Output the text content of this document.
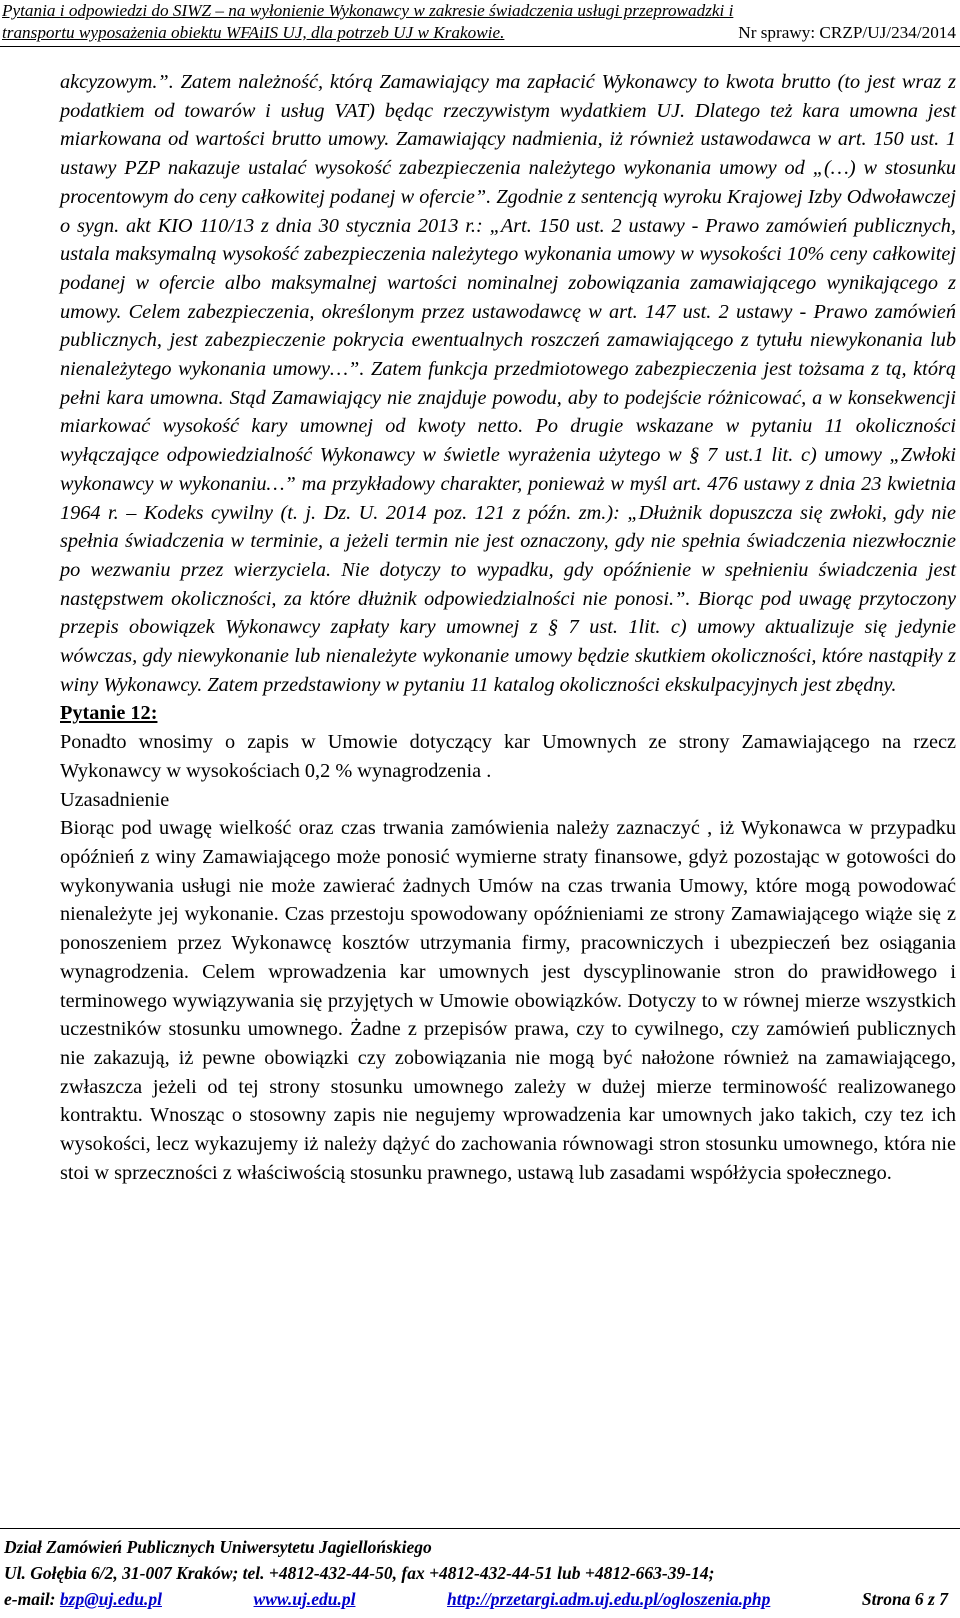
Pytania i odpowiedzi do SIWZ – na wyłonienie Wykonawcy w zakresie świadczenia usługi przeprowadzki i
transportu wyposażenia obiektu WFAiIS UJ, dla potrzeb UJ w Krakowie.	Nr sprawy: CRZP/UJ/234/2014

akcyzowym.”. Zatem należność, którą Zamawiający ma zapłacić Wykonawcy to kwota brutto (to jest wraz z podatkiem od towarów i usług VAT) będąc rzeczywistym wydatkiem UJ. Dlatego też kara umowna jest miarkowana od wartości brutto umowy. Zamawiający nadmienia, iż również ustawodawca w art. 150 ust. 1 ustawy PZP nakazuje ustalać wysokość zabezpieczenia należytego wykonania umowy od „(…) w stosunku procentowym do ceny całkowitej podanej w ofercie”. Zgodnie z sentencją wyroku Krajowej Izby Odwoławczej o sygn. akt KIO 110/13 z dnia 30 stycznia 2013 r.: „Art. 150 ust. 2 ustawy - Prawo zamówień publicznych, ustala maksymalną wysokość zabezpieczenia należytego wykonania umowy w wysokości 10% ceny całkowitej podanej w ofercie albo maksymalnej wartości nominalnej zobowiązania zamawiającego wynikającego z umowy. Celem zabezpieczenia, określonym przez ustawodawcę w art. 147 ust. 2 ustawy - Prawo zamówień publicznych, jest zabezpieczenie pokrycia ewentualnych roszczeń zamawiającego z tytułu niewykonania lub nienależytego wykonania umowy…”. Zatem funkcja przedmiotowego zabezpieczenia jest tożsama z tą, którą pełni kara umowna. Stąd Zamawiający nie znajduje powodu, aby to podejście różnicować, a w konsekwencji miarkować wysokość kary umownej od kwoty netto. Po drugie wskazane w pytaniu 11 okoliczności wyłączające odpowiedzialność Wykonawcy w świetle wyrażenia użytego w § 7 ust.1 lit. c) umowy „Zwłoki wykonawcy w wykonaniu…” ma przykładowy charakter, ponieważ w myśl art. 476 ustawy z dnia 23 kwietnia 1964 r. – Kodeks cywilny (t. j. Dz. U. 2014 poz. 121 z późn. zm.): „Dłużnik dopuszcza się zwłoki, gdy nie spełnia świadczenia w terminie, a jeżeli termin nie jest oznaczony, gdy nie spełnia świadczenia niezwłocznie po wezwaniu przez wierzyciela. Nie dotyczy to wypadku, gdy opóźnienie w spełnieniu świadczenia jest następstwem okoliczności, za które dłużnik odpowiedzialności nie ponosi.”. Biorąc pod uwagę przytoczony przepis obowiązek Wykonawcy zapłaty kary umownej z § 7 ust. 1lit. c) umowy aktualizuje się jedynie wówczas, gdy niewykonanie lub nienależyte wykonanie umowy będzie skutkiem okoliczności, które nastąpiły z winy Wykonawcy. Zatem przedstawiony w pytaniu 11 katalog okoliczności ekskulpacyjnych jest zbędny.

Pytanie 12:

Ponadto wnosimy o zapis w Umowie dotyczący kar Umownych ze strony Zamawiającego na rzecz Wykonawcy w wysokościach 0,2 % wynagrodzenia .

Uzasadnienie

Biorąc pod uwagę wielkość oraz czas trwania zamówienia należy zaznaczyć , iż Wykonawca w przypadku opóźnień z winy Zamawiającego może ponosić wymierne straty finansowe, gdyż pozostając w gotowości do wykonywania usługi nie może zawierać żadnych Umów na czas trwania Umowy, które mogą powodować nienależyte jej wykonanie. Czas przestoju spowodowany opóźnieniami ze strony Zamawiającego wiąże się z ponoszeniem przez Wykonawcę kosztów utrzymania firmy, pracowniczych i ubezpieczeń bez osiągania wynagrodzenia. Celem wprowadzenia kar umownych jest dyscyplinowanie stron do prawidłowego i terminowego wywiązywania się przyjętych w Umowie obowiązków. Dotyczy to w równej mierze wszystkich uczestników stosunku umownego. Żadne z przepisów prawa, czy to cywilnego, czy zamówień publicznych nie zakazują, iż pewne obowiązki czy zobowiązania nie mogą być nałożone również na zamawiającego, zwłaszcza jeżeli od tej strony stosunku umownego zależy w dużej mierze terminowość realizowanego kontraktu. Wnosząc o stosowny zapis nie negujemy wprowadzenia kar umownych jako takich, czy tez ich wysokości, lecz wykazujemy iż należy dążyć do zachowania równowagi stron stosunku umownego, która nie stoi w sprzeczności z właściwością stosunku prawnego, ustawą lub zasadami współżycia społecznego.

Dział Zamówień Publicznych Uniwersytetu Jagiellońskiego
Ul. Gołębia 6/2, 31-007 Kraków; tel. +4812-432-44-50, fax +4812-432-44-51 lub +4812-663-39-14;
e-mail: bzp@uj.edu.pl	www.uj.edu.pl	http://przetargi.adm.uj.edu.pl/ogloszenia.php	Strona 6 z 7
